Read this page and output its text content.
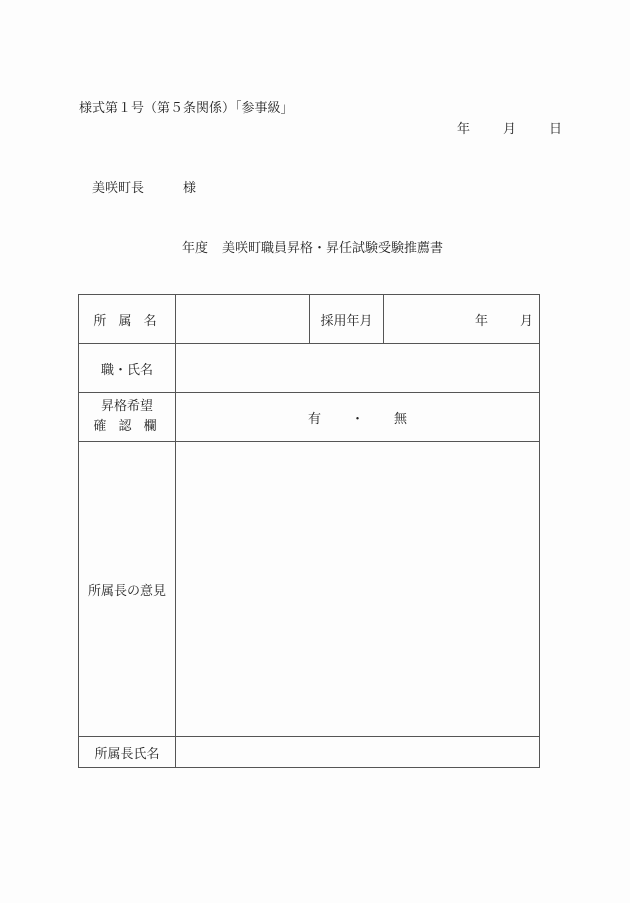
様式第１号（第５条関係）「参事級」
年	月	日
美咲町長	様
年度 美咲町職員昇格・昇任試験受験推薦書
所 属 名		採用年月	年 月
職・氏名			

昇格希望
確 認 欄	有 ・ 無		
所属長の意見			
所属長氏名			
